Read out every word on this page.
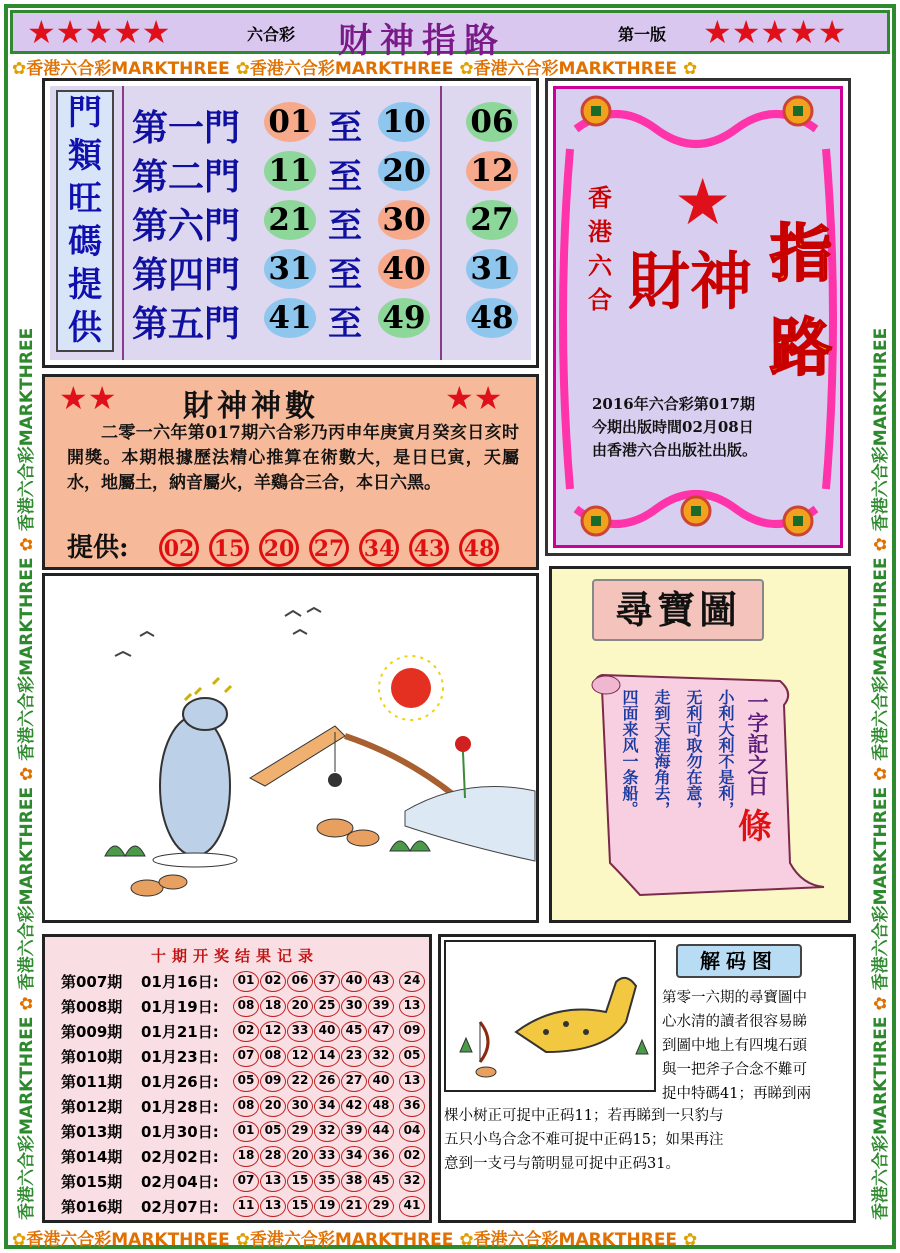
★★★★★	六合彩 财神指路	第一版 ★★★★★
✿香港六合彩MARKTHREE ✿香港六合彩MARKTHREE ✿香港六合彩MARKTHREE ✿
✿香港六合彩MARKTHREE ✿香港六合彩MARKTHREE ✿香港六合彩MARKTHREE ✿
香港六合彩MARKTHREE ✿ 香港六合彩MARKTHREE ✿ 香港六合彩MARKTHREE ✿ 香港六合彩MARKTHREE
香港六合彩MARKTHREE ✿ 香港六合彩MARKTHREE ✿ 香港六合彩MARKTHREE ✿ 香港六合彩MARKTHREE
門
類
旺
碼
提
供
第一門 01 至 10 06
第二門 11 至 20 12
第六門 21 至 30 27
第四門 31 至 40 31
第五門 41 至 49 48
★
香
港
六
合 財神 指
路
2016年六合彩第017期
今期出版時間02月08日
由香港六合出版社出版。
★★ 財神神數	★★
二零一六年第017期六合彩乃丙申年庚寅月癸亥日亥时開獎。本期根據歷法精心推算在術數大，是日巳寅，天屬水，地屬土，納音屬火，羊鷄合三合，本日六黑。
提供: 02 15 20 27 34 43 48
尋寶圖
四面来风一条船。
走到天涯海角去，
无利可取勿在意，
小利大利不是利，
一字記之日
條
十期开奖结果记录
第007期 01月16日:	01 02 06 37 40 43	24
第008期 01月19日:	08 18 20 25 30 39	13
第009期 01月21日:	02 12 33 40 45 47	09
第010期 01月23日:	07 08 12 14 23 32	05
第011期 01月26日:	05 09 22 26 27 40	13
第012期 01月28日:	08 20 30 34 42 48	36
第013期 01月30日:	01 05 29 32 39 44	04
第014期 02月02日:	18 28 20 33 34 36	02
第015期 02月04日:	07 13 15 35 38 45	32
第016期 02月07日:	11 13 15 19 21 29	41
解码图
第零一六期的尋寶圖中
心水清的讀者很容易睇
到圖中地上有四塊石頭
與一把斧子合念不難可
捉中特碼41；再睇到兩
棵小树正可捉中正码11；若再睇到一只豹与
五只小鸟合念不难可捉中正码15；如果再注
意到一支弓与箭明显可捉中正码31。
